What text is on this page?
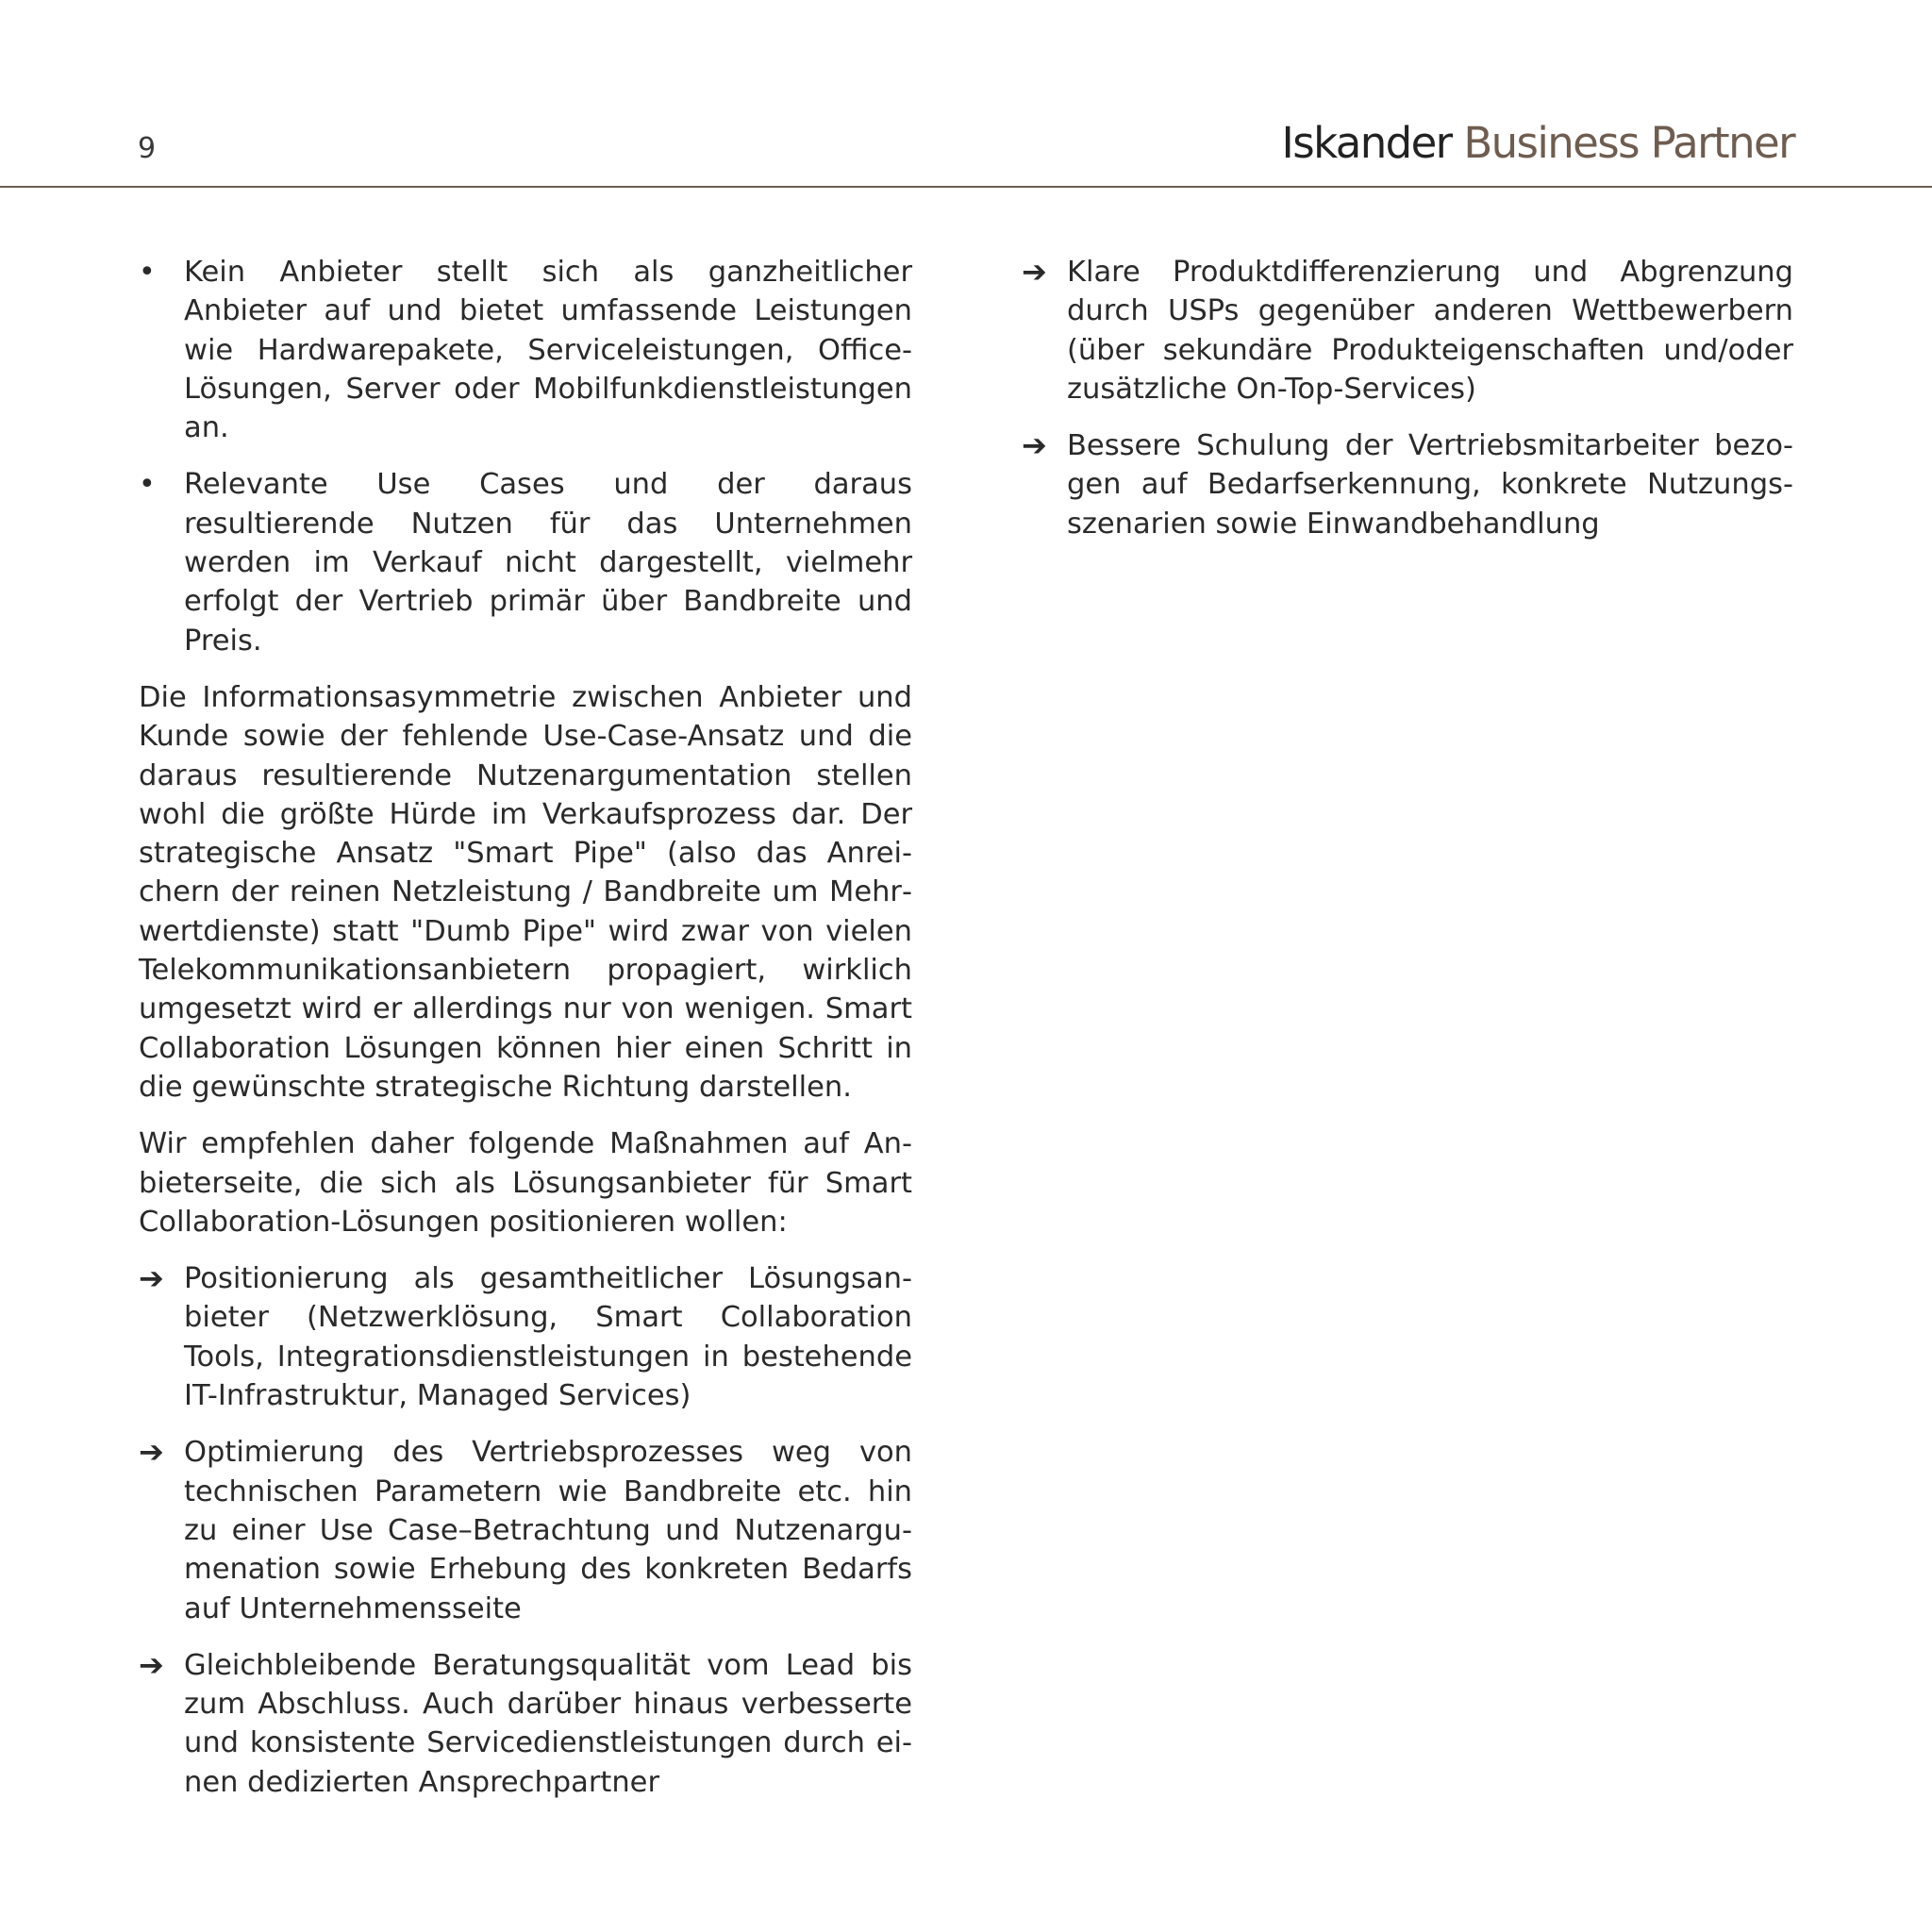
9	Iskander Business Partner
• Kein Anbieter stellt sich als ganzheitlicher Anbieter auf und bietet umfassende Leistungen wie Hardwarepakete, Serviceleistungen, Office-Lösungen, Server oder Mobilfunkdienstleistungen an.
• Relevante Use Cases und der daraus resultierende Nutzen für das Unternehmen werden im Verkauf nicht dargestellt, vielmehr erfolgt der Vertrieb primär über Bandbreite und Preis.

Die Informationsasymmetrie zwischen Anbieter und Kunde sowie der fehlende Use-Case-Ansatz und die daraus resultierende Nutzenargumentation stellen wohl die größte Hürde im Verkaufsprozess dar. Der strategische Ansatz "Smart Pipe" (also das Anreichern der reinen Netzleistung / Bandbreite um Mehrwertdienste) statt "Dumb Pipe" wird zwar von vielen Telekommunikationsanbietern propagiert, wirklich umgesetzt wird er allerdings nur von wenigen. Smart Collaboration Lösungen können hier einen Schritt in die gewünschte strategische Richtung darstellen.

Wir empfehlen daher folgende Maßnahmen auf Anbieterseite, die sich als Lösungsanbieter für Smart Collaboration-Lösungen positionieren wollen:

➔ Positionierung als gesamtheitlicher Lösungsanbieter (Netzwerklösung, Smart Collaboration Tools, Integrationsdienstleistungen in bestehende IT-Infrastruktur, Managed Services)
➔ Optimierung des Vertriebsprozesses weg von technischen Parametern wie Bandbreite etc. hin zu einer Use Case–Betrachtung und Nutzenargumenation sowie Erhebung des konkreten Bedarfs auf Unternehmensseite
➔ Gleichbleibende Beratungsqualität vom Lead bis zum Abschluss. Auch darüber hinaus verbesserte und konsistente Servicedienstleistungen durch einen dedizierten Ansprechpartner
➔ Klare Produktdifferenzierung und Abgrenzung durch USPs gegenüber anderen Wettbewerbern (über sekundäre Produkteigenschaften und/oder zusätzliche On-Top-Services)
➔ Bessere Schulung der Vertriebsmitarbeiter bezogen auf Bedarfserkennung, konkrete Nutzungsszenarien sowie Einwandbehandlung
